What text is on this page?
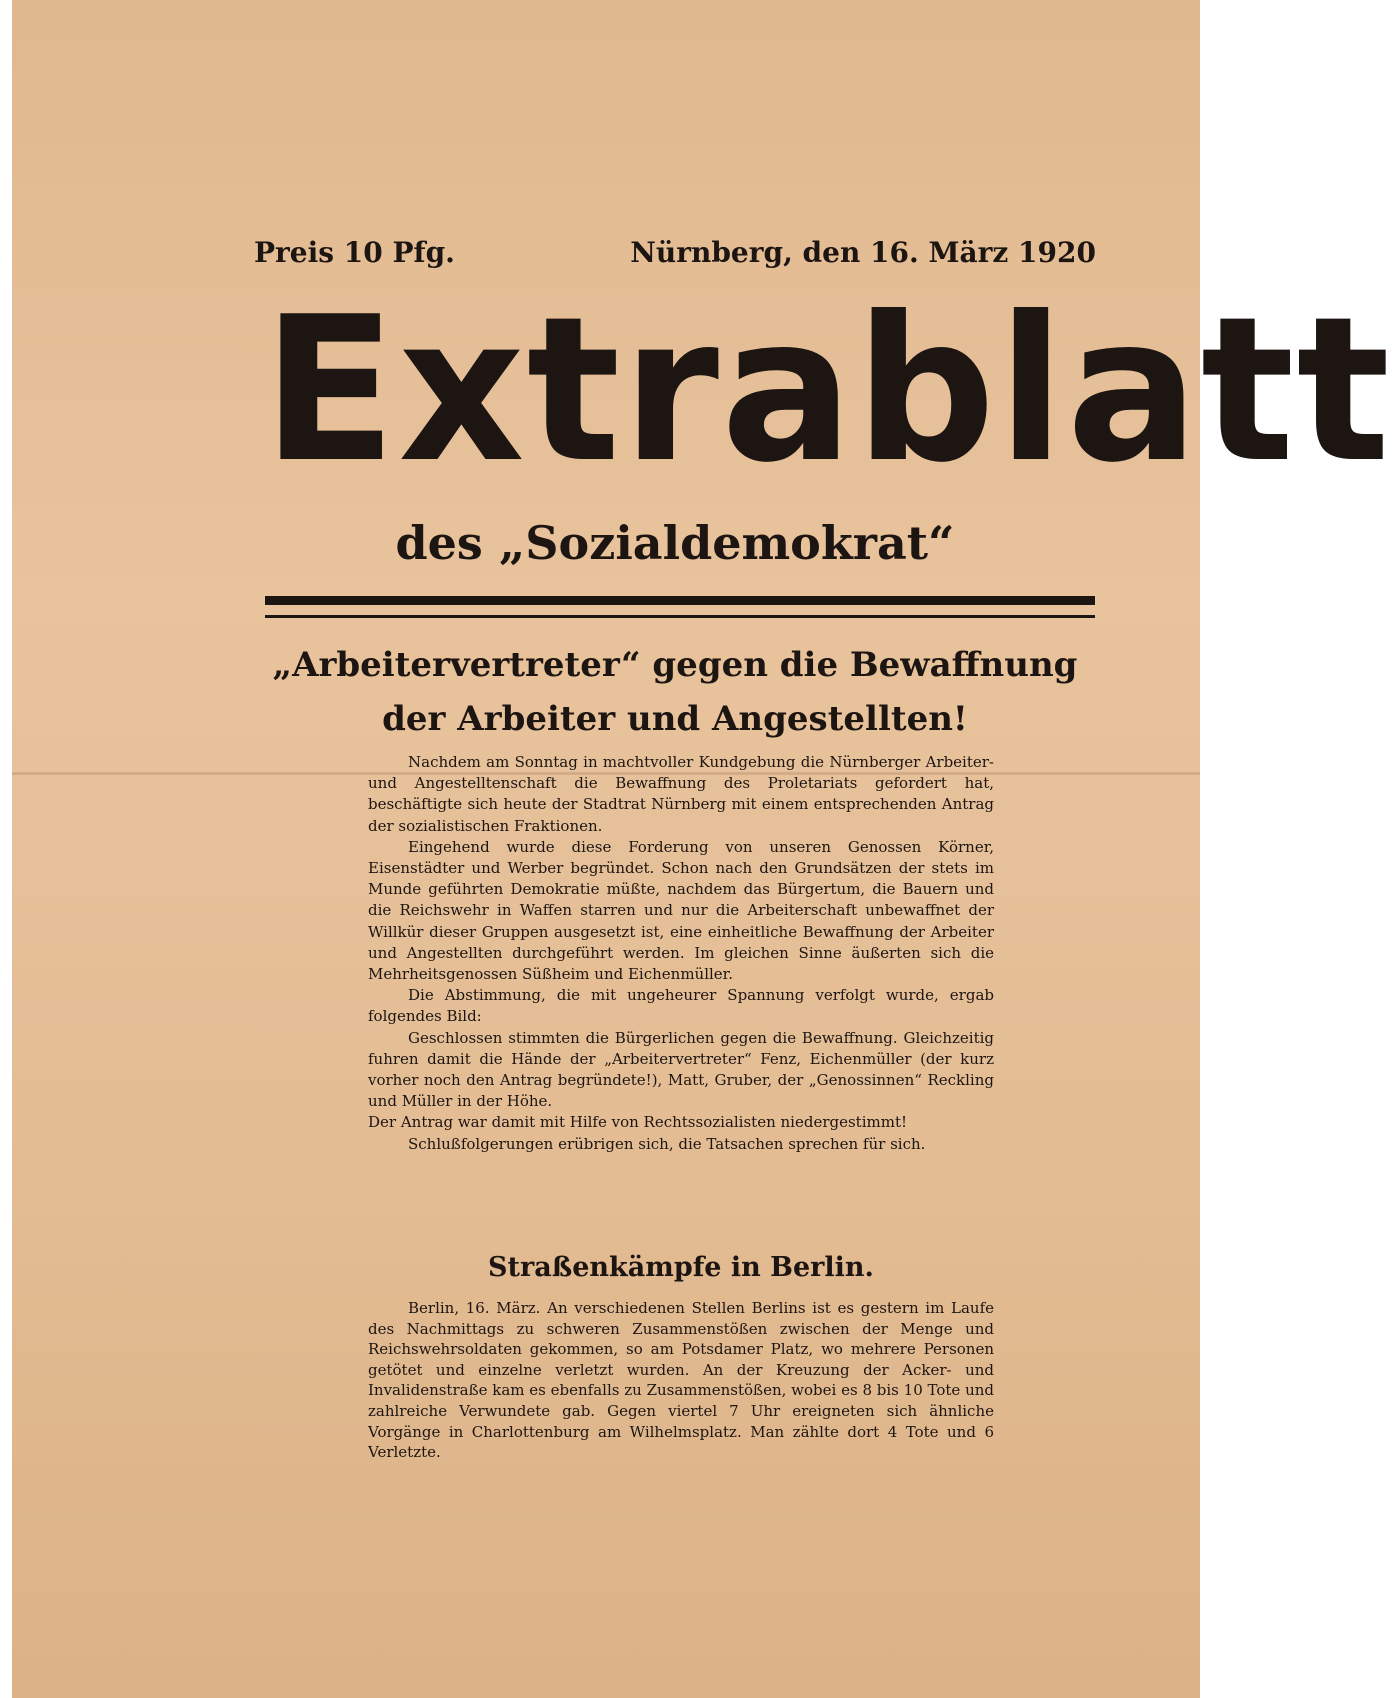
Preis 10 Pfg.	Nürnberg, den 16. März 1920
Extrablatt
des „Sozialdemokrat“
„Arbeitervertreter“ gegen die Bewaffnung
der Arbeiter und Angestellten!

Nachdem am Sonntag in machtvoller Kundgebung die Nürnberger Arbeiter- und Angestelltenschaft die Bewaffnung des Proletariats gefordert hat, beschäftigte sich heute der Stadtrat Nürnberg mit einem entsprechenden Antrag der sozialistischen Fraktionen.

Eingehend wurde diese Forderung von unseren Genossen Körner, Eisenstädter und Werber begründet. Schon nach den Grundsätzen der stets im Munde geführten Demokratie müßte, nachdem das Bürgertum, die Bauern und die Reichswehr in Waffen starren und nur die Arbeiterschaft unbewaffnet der Willkür dieser Gruppen ausgesetzt ist, eine einheitliche Bewaffnung der Arbeiter und Angestellten durchgeführt werden. Im gleichen Sinne äußerten sich die Mehrheitsgenossen Süßheim und Eichenmüller.

Die Abstimmung, die mit ungeheurer Spannung verfolgt wurde, ergab folgendes Bild:

Geschlossen stimmten die Bürgerlichen gegen die Bewaffnung. Gleichzeitig fuhren damit die Hände der „Arbeitervertreter“ Fenz, Eichenmüller (der kurz vorher noch den Antrag begründete!), Matt, Gruber, der „Genossinnen“ Reckling und Müller in der Höhe.

Der Antrag war damit mit Hilfe von Rechtssozialisten niedergestimmt!

Schlußfolgerungen erübrigen sich, die Tatsachen sprechen für sich.

Straßenkämpfe in Berlin.

Berlin, 16. März. An verschiedenen Stellen Berlins ist es gestern im Laufe des Nachmittags zu schweren Zusammenstößen zwischen der Menge und Reichswehrsoldaten gekommen, so am Potsdamer Platz, wo mehrere Personen getötet und einzelne verletzt wurden. An der Kreuzung der Acker- und Invalidenstraße kam es ebenfalls zu Zusammenstößen, wobei es 8 bis 10 Tote und zahlreiche Verwundete gab. Gegen viertel 7 Uhr ereigneten sich ähnliche Vorgänge in Charlottenburg am Wilhelmsplatz. Man zählte dort 4 Tote und 6 Verletzte.
